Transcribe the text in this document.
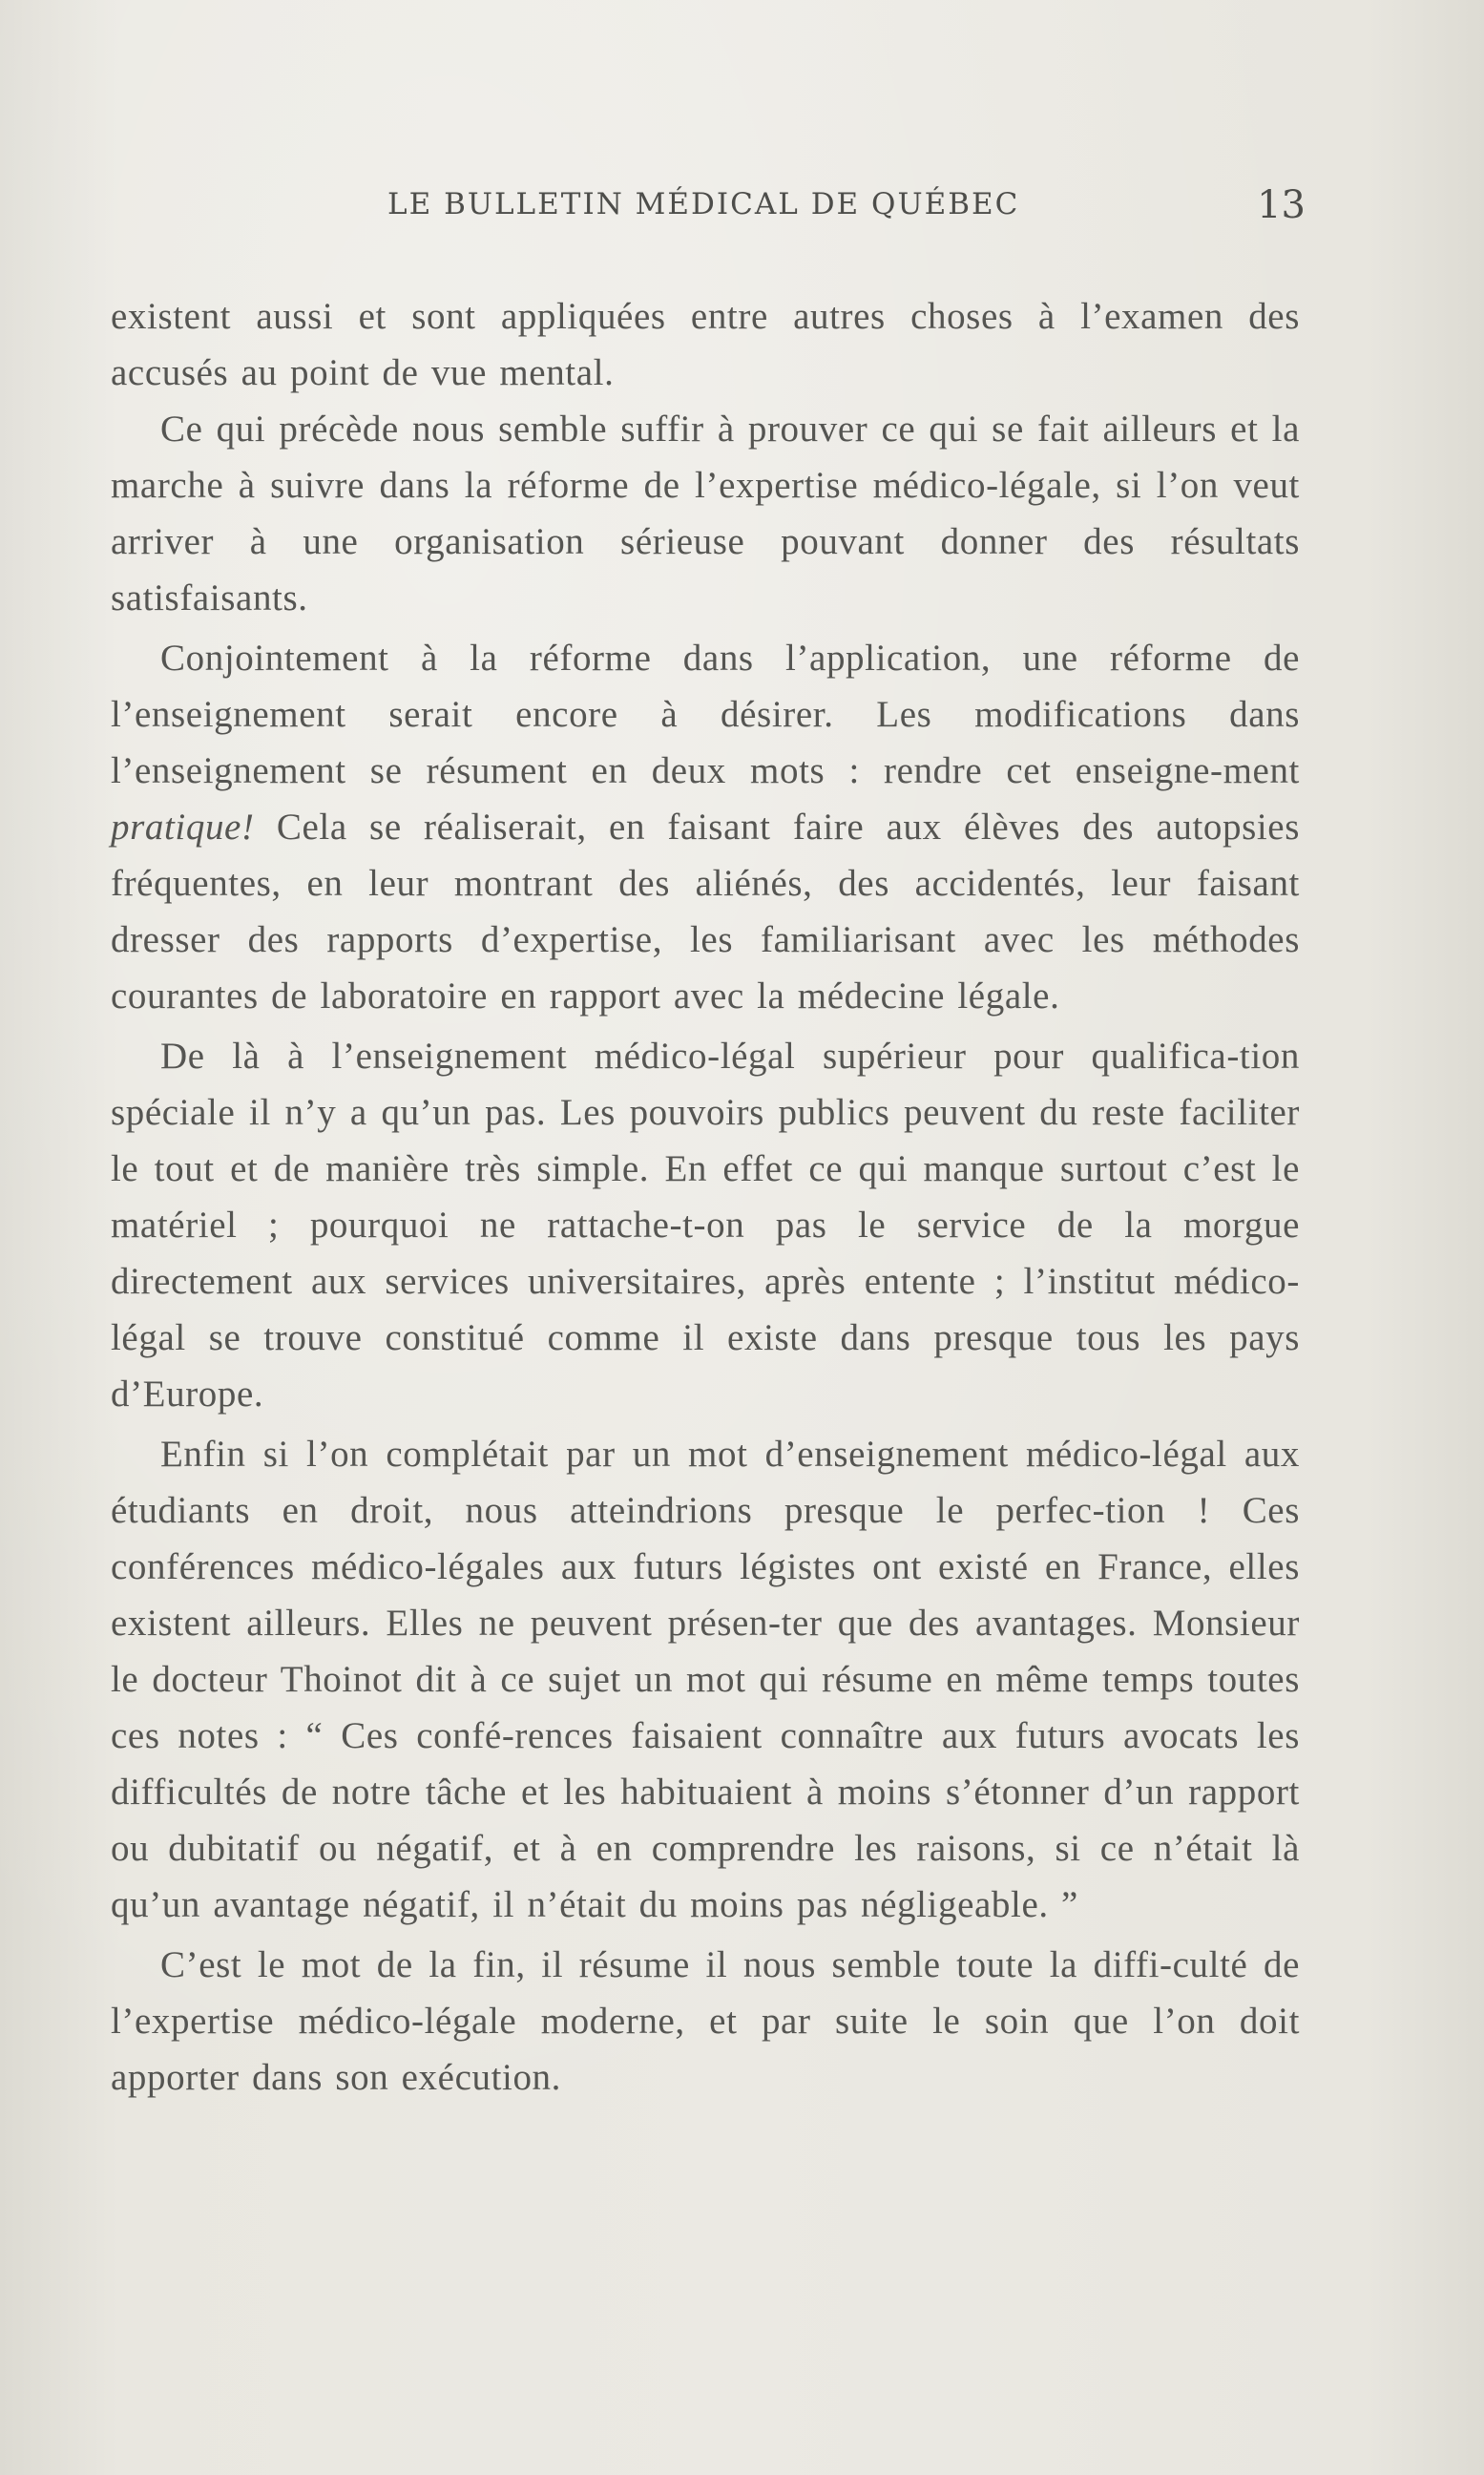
LE BULLETIN MÉDICAL DE QUÉBEC	13

existent aussi et sont appliquées entre autres choses à l’examen des accusés au point de vue mental.

Ce qui précède nous semble suffir à prouver ce qui se fait ailleurs et la marche à suivre dans la réforme de l’expertise médico-légale, si l’on veut arriver à une organisation sérieuse pouvant donner des résultats satisfaisants.

Conjointement à la réforme dans l’application, une réforme de l’enseignement serait encore à désirer. Les modifications dans l’enseignement se résument en deux mots : rendre cet enseigne-ment pratique! Cela se réaliserait, en faisant faire aux élèves des autopsies fréquentes, en leur montrant des aliénés, des accidentés, leur faisant dresser des rapports d’expertise, les familiarisant avec les méthodes courantes de laboratoire en rapport avec la médecine légale.

De là à l’enseignement médico-légal supérieur pour qualifica-tion spéciale il n’y a qu’un pas. Les pouvoirs publics peuvent du reste faciliter le tout et de manière très simple. En effet ce qui manque surtout c’est le matériel ; pourquoi ne rattache-t-on pas le service de la morgue directement aux services universitaires, après entente ; l’institut médico-légal se trouve constitué comme il existe dans presque tous les pays d’Europe.

Enfin si l’on complétait par un mot d’enseignement médico-légal aux étudiants en droit, nous atteindrions presque le perfec-tion ! Ces conférences médico-légales aux futurs légistes ont existé en France, elles existent ailleurs. Elles ne peuvent présen-ter que des avantages. Monsieur le docteur Thoinot dit à ce sujet un mot qui résume en même temps toutes ces notes : “ Ces confé-rences faisaient connaître aux futurs avocats les difficultés de notre tâche et les habituaient à moins s’étonner d’un rapport ou dubitatif ou négatif, et à en comprendre les raisons, si ce n’était là qu’un avantage négatif, il n’était du moins pas négligeable. ”

C’est le mot de la fin, il résume il nous semble toute la diffi-culté de l’expertise médico-légale moderne, et par suite le soin que l’on doit apporter dans son exécution.
